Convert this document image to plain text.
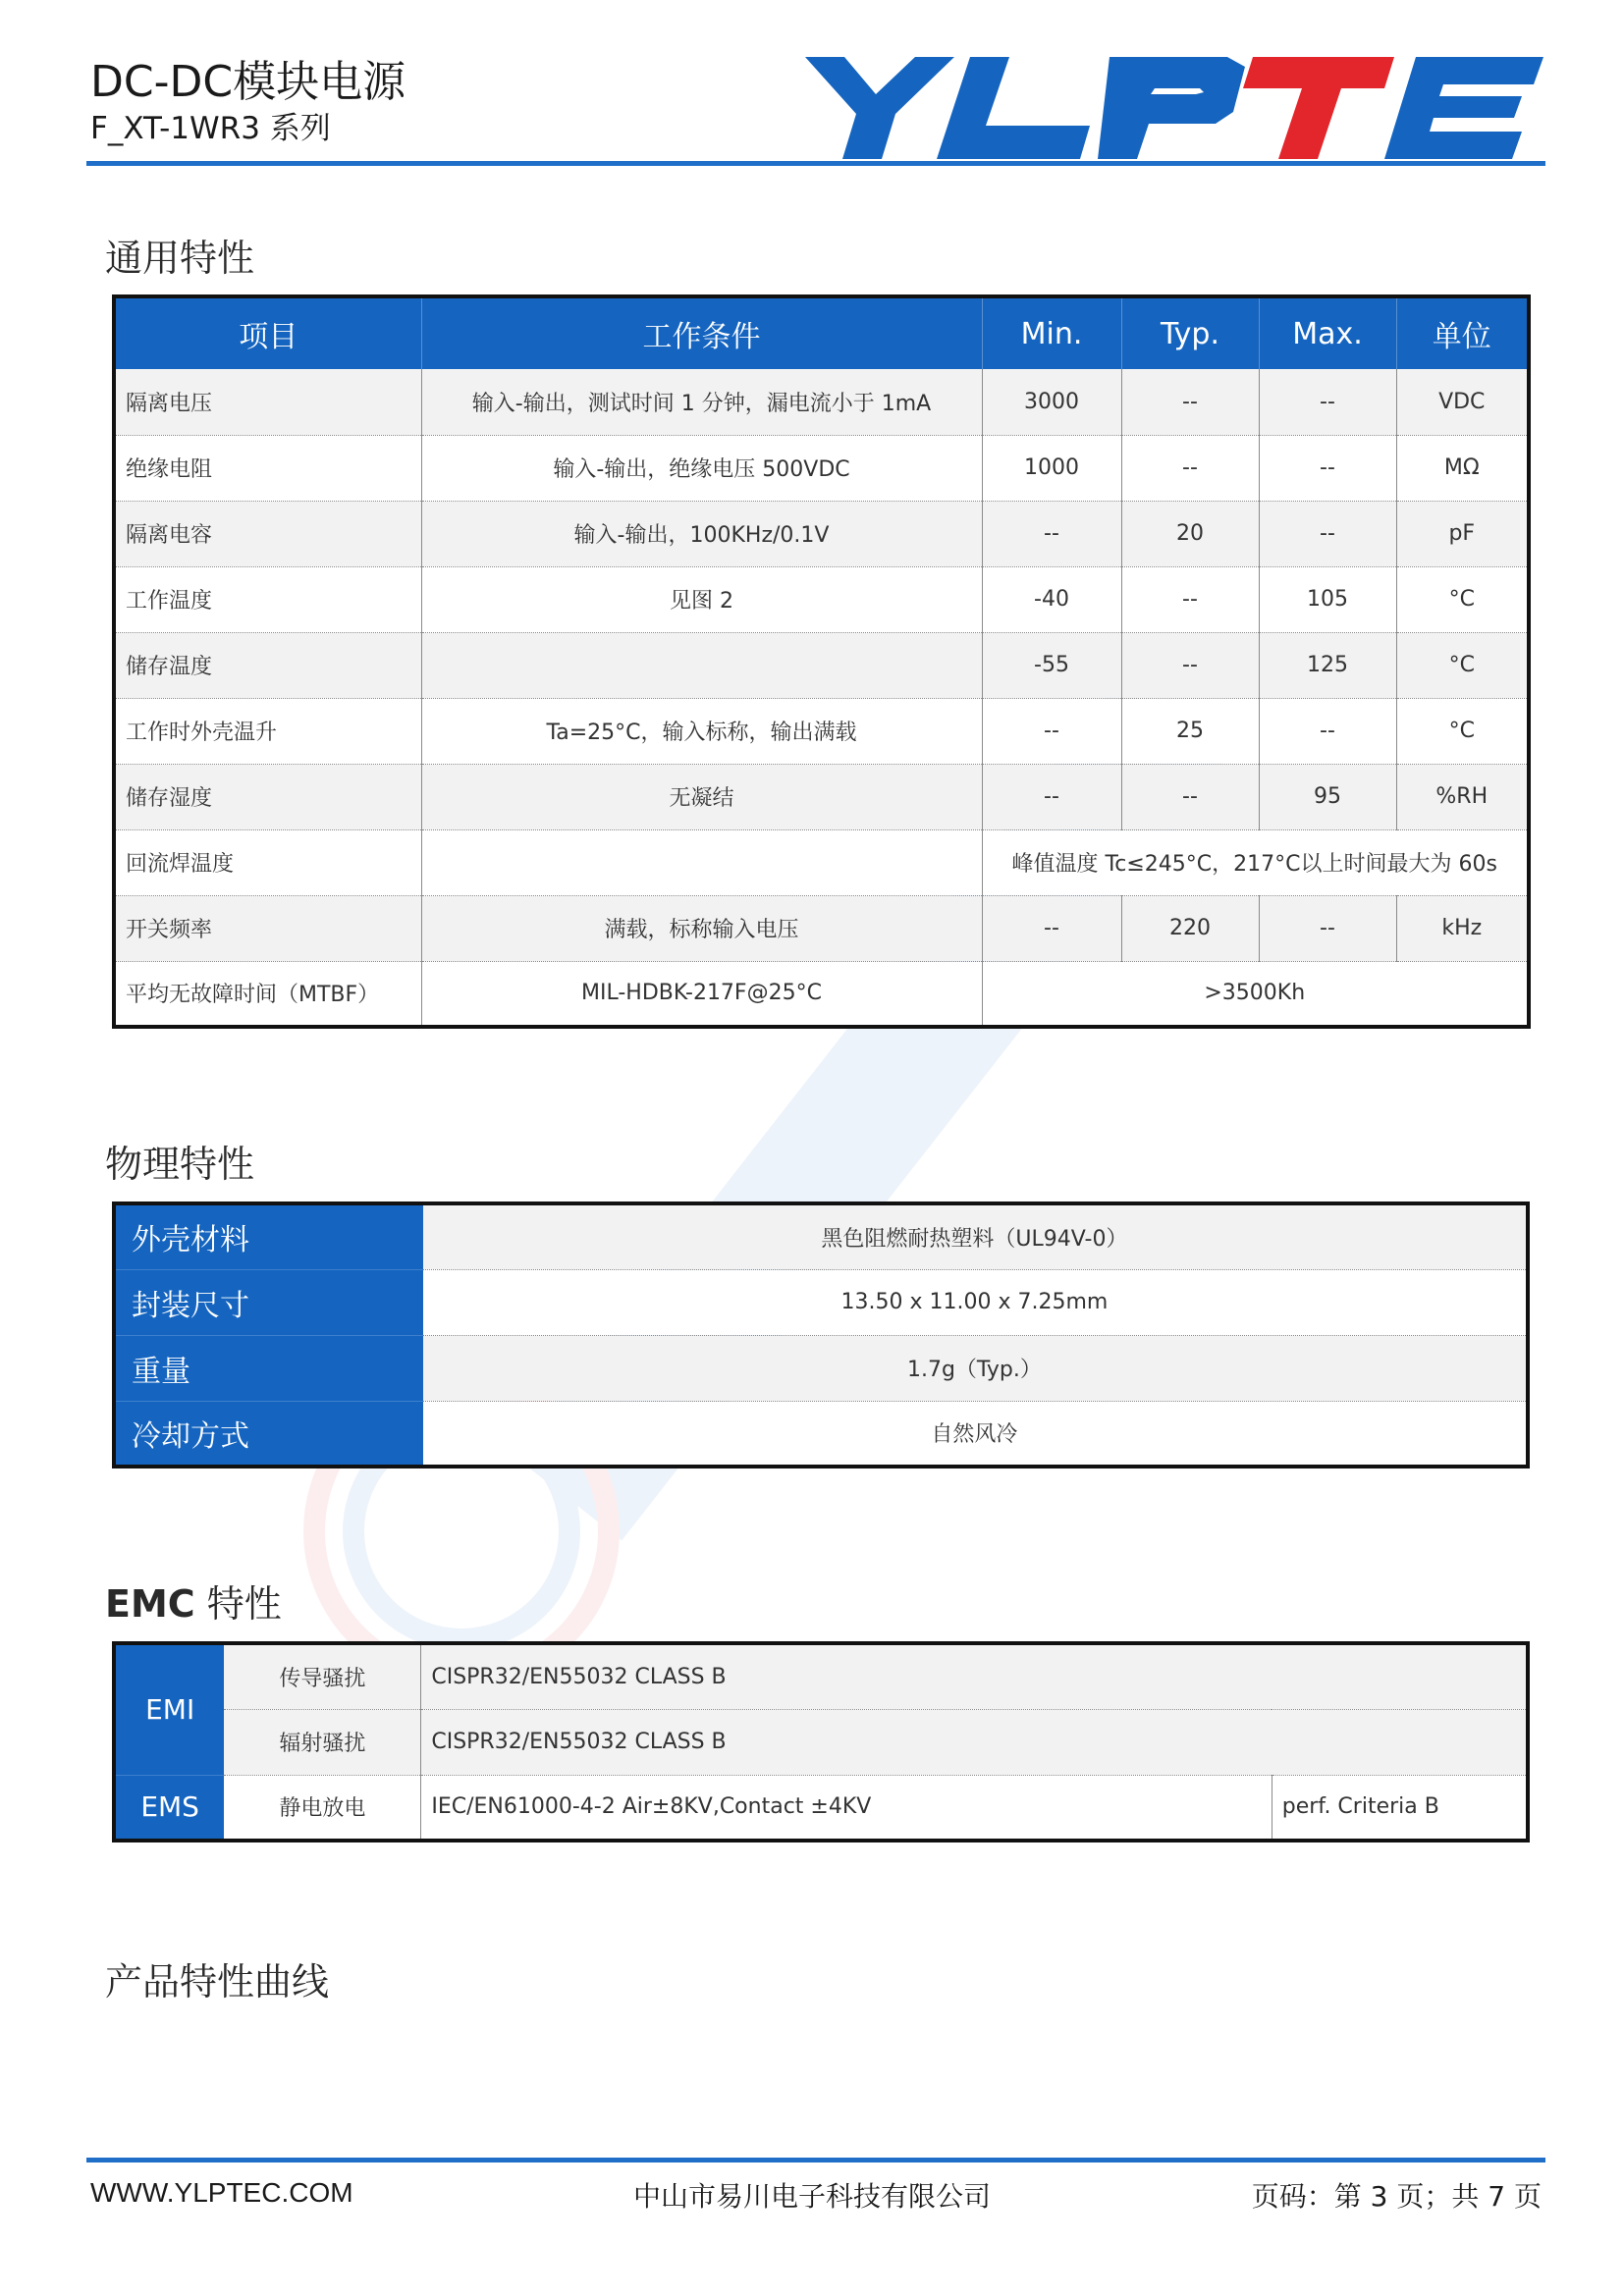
DC-DC模块电源
F_XT-1WR3 系列
通用特性
项目	工作条件	Min.	Typ.	Max.	单位
隔离电压	输入-输出，测试时间 1 分钟，漏电流小于 1mA	3000	--	--	VDC
绝缘电阻	输入-输出，绝缘电压 500VDC	1000	--	--	MΩ
隔离电容	输入-输出，100KHz/0.1V	--	20	--	pF
工作温度	见图 2	-40	--	105	°C
储存温度		-55	--	125	°C
工作时外壳温升	Ta=25°C，输入标称，输出满载	--	25	--	°C
储存湿度	无凝结	--	--	95	%RH
回流焊温度		峰值温度 Tc≤245°C，217°C以上时间最大为 60s			
开关频率	满载，标称输入电压	--	220	--	kHz
平均无故障时间（MTBF）	MIL-HDBK-217F@25°C	>3500Kh			
物理特性
外壳材料	黑色阻燃耐热塑料（UL94V-0）
封装尺寸	13.50 x 11.00 x 7.25mm
重量	1.7g（Typ.）
冷却方式	自然风冷
EMC 特性
EMI	传导骚扰	CISPR32/EN55032 CLASS B	
	辐射骚扰	CISPR32/EN55032 CLASS B	
EMS	静电放电	IEC/EN61000-4-2 Air±8KV,Contact ±4KV	perf. Criteria B
产品特性曲线
WWW.YLPTEC.COM	中山市易川电子科技有限公司	页码：第 3 页；共 7 页
